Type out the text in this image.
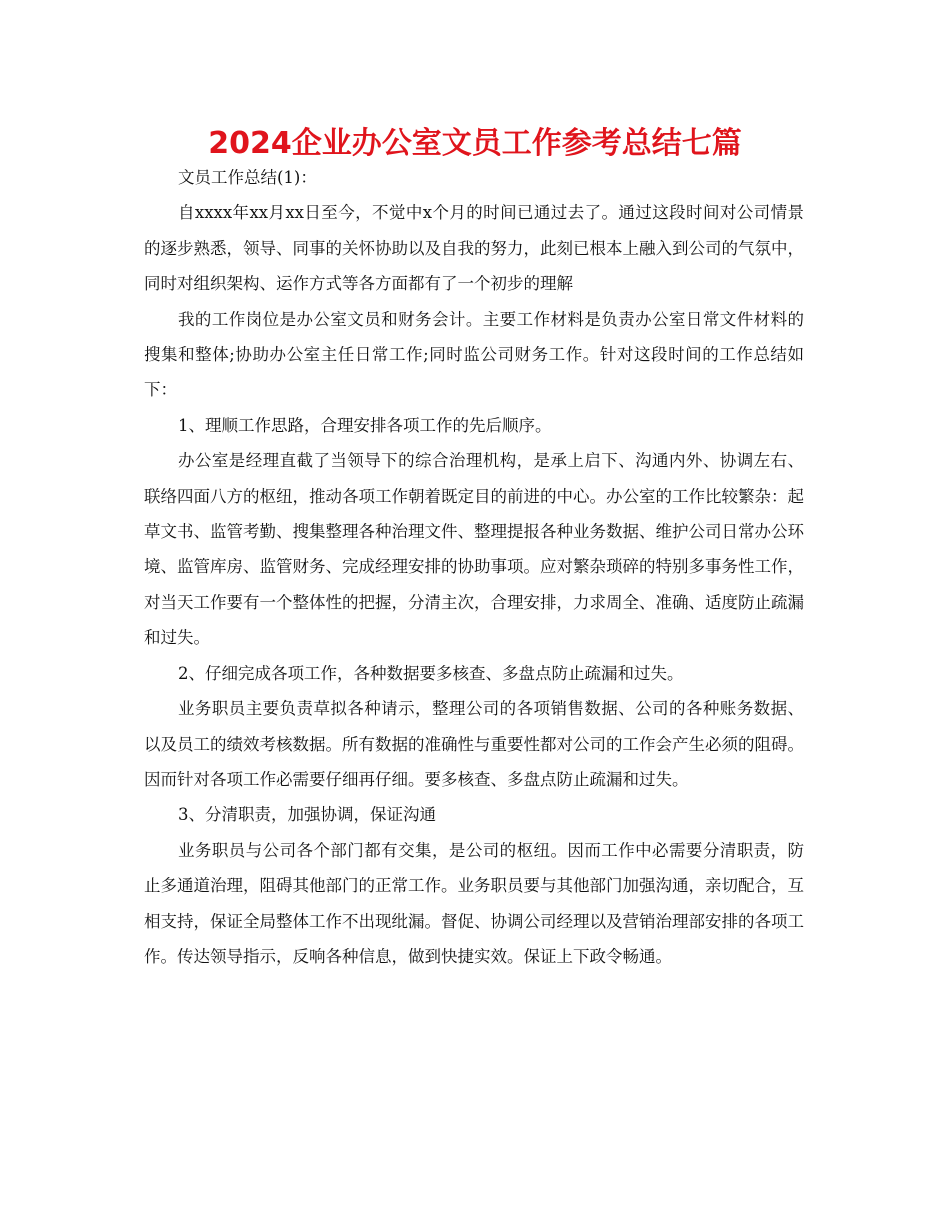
2024企业办公室文员工作参考总结七篇

文员工作总结(1)：

自xxxx年xx月xx日至今，不觉中x个月的时间已通过去了。通过这段时间对公司情景的逐步熟悉，领导、同事的关怀协助以及自我的努力，此刻已根本上融入到公司的气氛中，同时对组织架构、运作方式等各方面都有了一个初步的理解

我的工作岗位是办公室文员和财务会计。主要工作材料是负责办公室日常文件材料的搜集和整体;协助办公室主任日常工作;同时监公司财务工作。针对这段时间的工作总结如下：

1、理顺工作思路，合理安排各项工作的先后顺序。

办公室是经理直截了当领导下的综合治理机构，是承上启下、沟通内外、协调左右、联络四面八方的枢纽，推动各项工作朝着既定目的前进的中心。办公室的工作比较繁杂：起草文书、监管考勤、搜集整理各种治理文件、整理提报各种业务数据、维护公司日常办公环境、监管库房、监管财务、完成经理安排的协助事项。应对繁杂琐碎的特别多事务性工作，对当天工作要有一个整体性的把握，分清主次，合理安排，力求周全、准确、适度防止疏漏和过失。

2、仔细完成各项工作，各种数据要多核查、多盘点防止疏漏和过失。

业务职员主要负责草拟各种请示，整理公司的各项销售数据、公司的各种账务数据、以及员工的绩效考核数据。所有数据的准确性与重要性都对公司的工作会产生必须的阻碍。因而针对各项工作必需要仔细再仔细。要多核查、多盘点防止疏漏和过失。

3、分清职责，加强协调，保证沟通

业务职员与公司各个部门都有交集，是公司的枢纽。因而工作中必需要分清职责，防止多通道治理，阻碍其他部门的正常工作。业务职员要与其他部门加强沟通，亲切配合，互相支持，保证全局整体工作不出现纰漏。督促、协调公司经理以及营销治理部安排的各项工作。传达领导指示，反响各种信息，做到快捷实效。保证上下政令畅通。
